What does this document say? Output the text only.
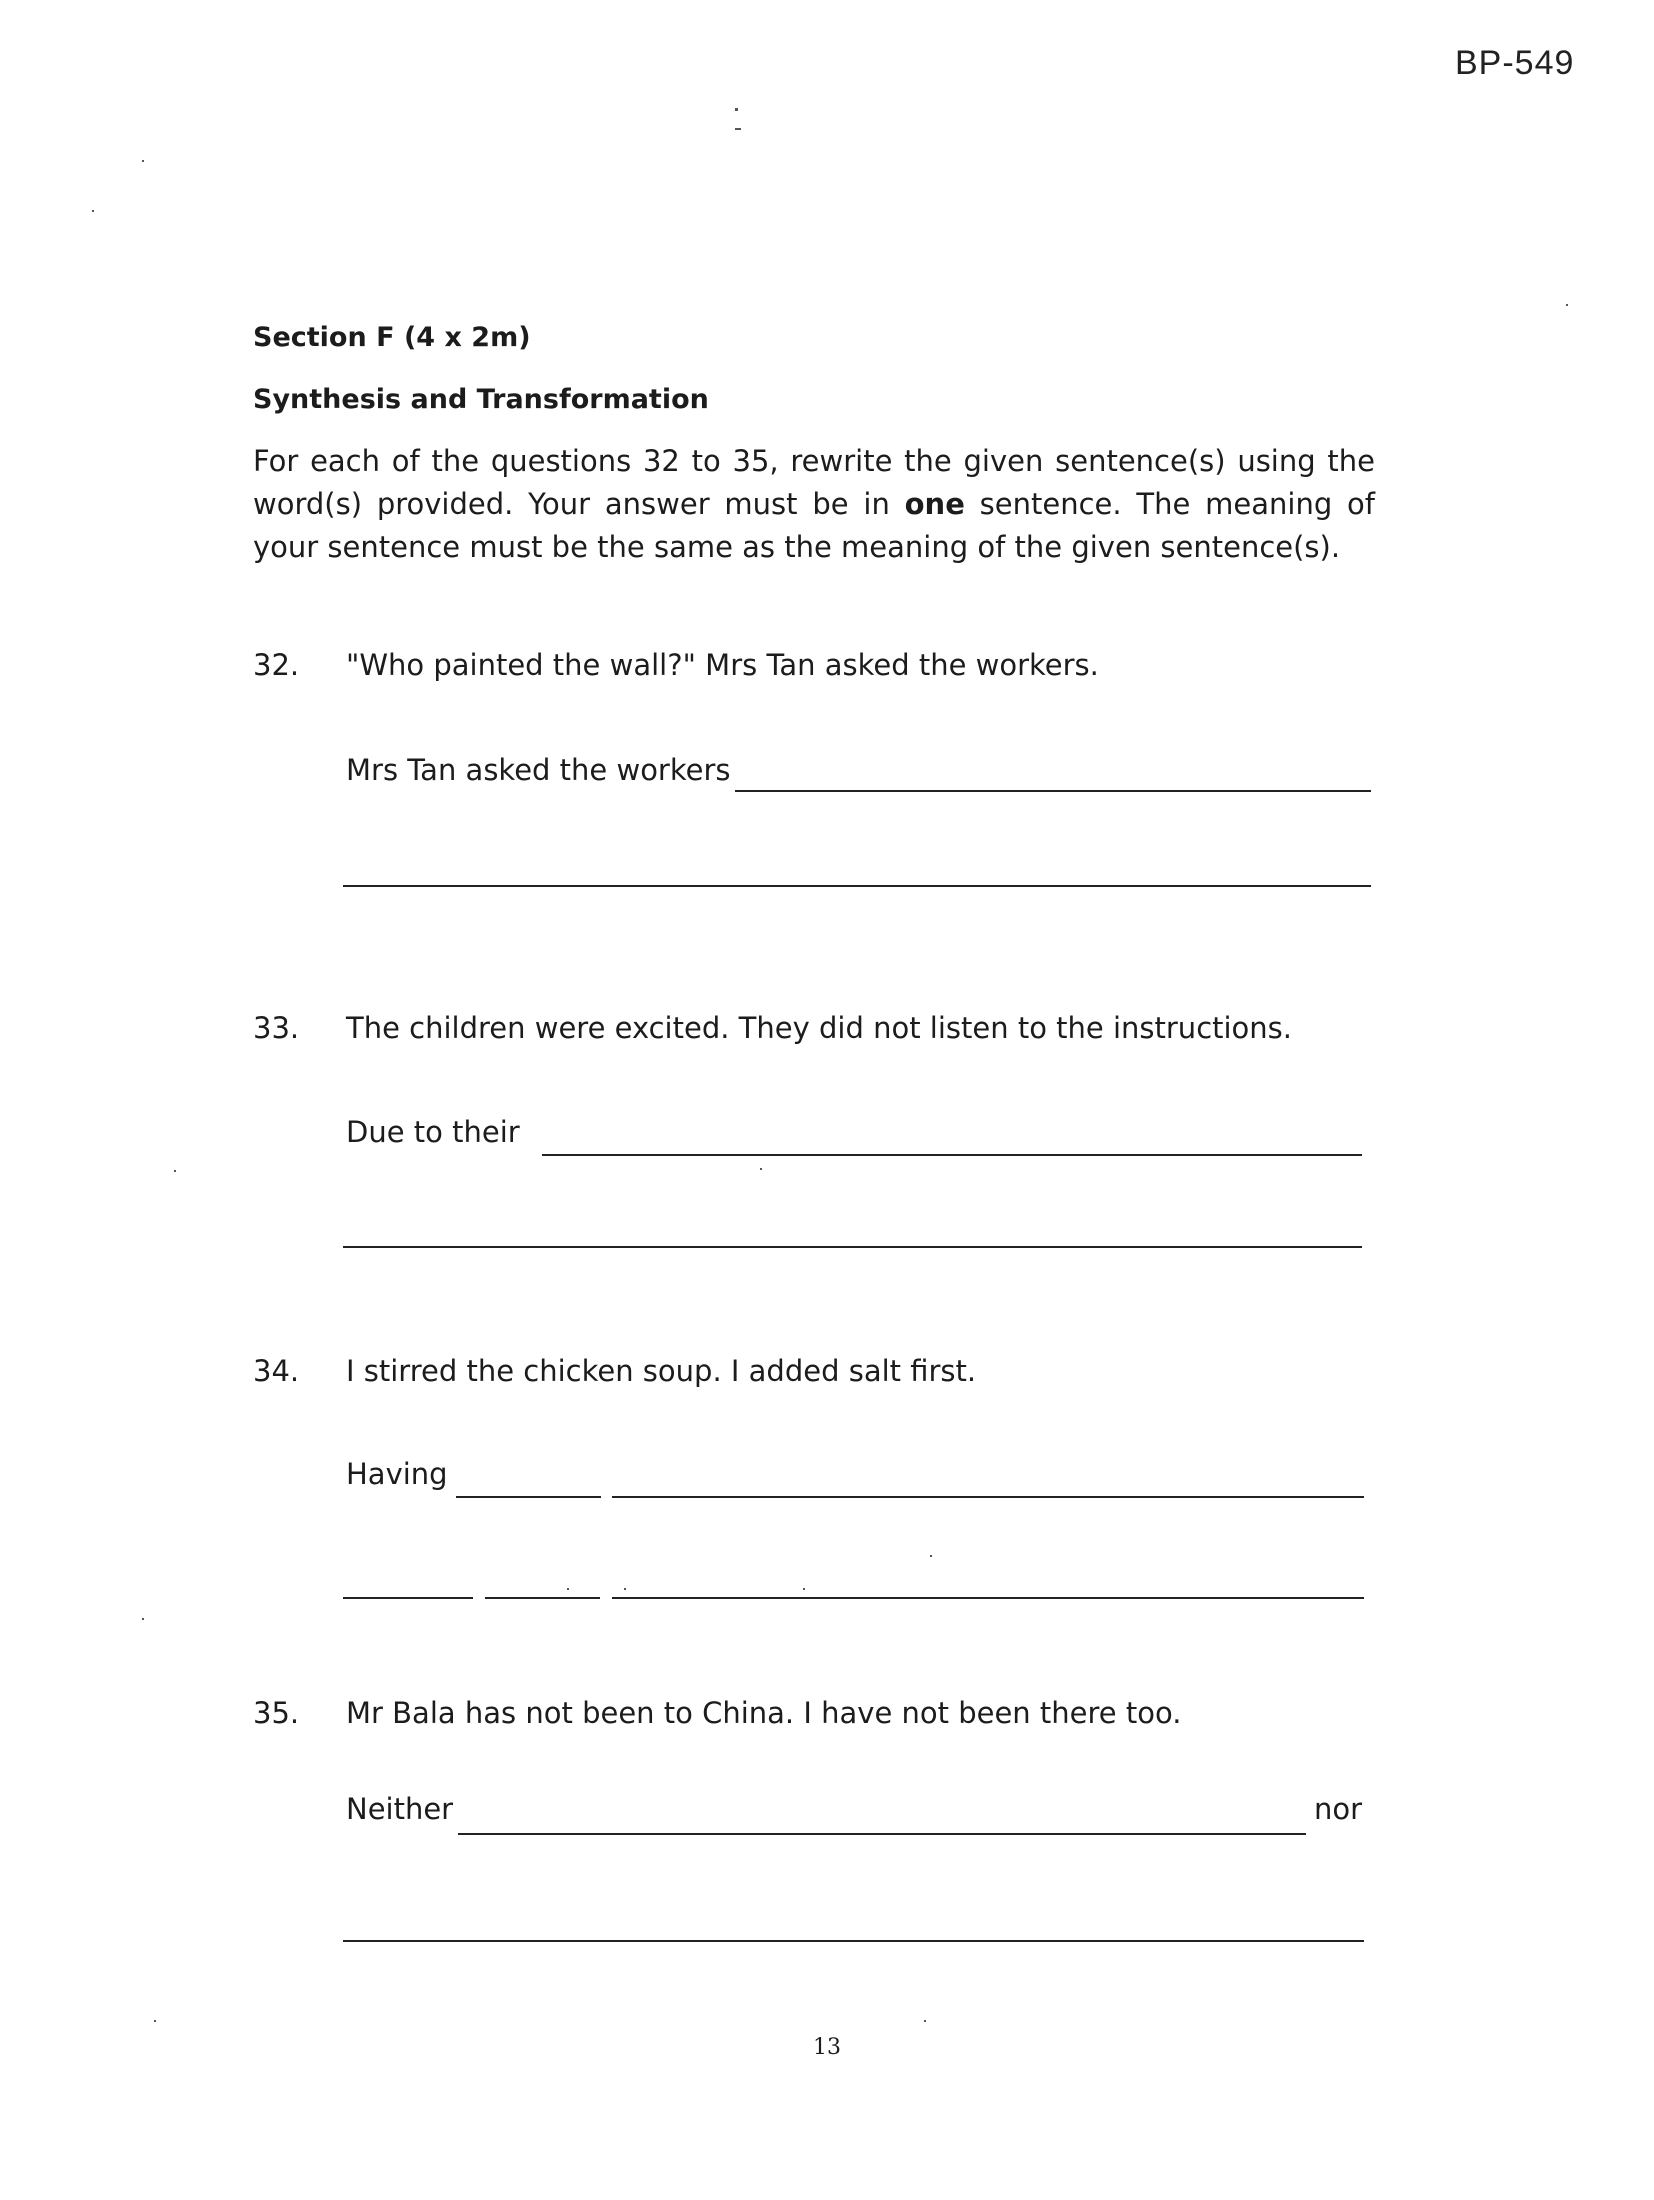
BP-549
Section F (4 x 2m)
Synthesis and Transformation
For each of the questions 32 to 35, rewrite the given sentence(s) using the word(s) provided. Your answer must be in one sentence. The meaning of your sentence must be the same as the meaning of the given sentence(s).
32. "Who painted the wall?" Mrs Tan asked the workers.
Mrs Tan asked the workers
33. The children were excited. They did not listen to the instructions.
Due to their
34. I stirred the chicken soup. I added salt first.
Having
35. Mr Bala has not been to China. I have not been there too.
Neither	nor
13
